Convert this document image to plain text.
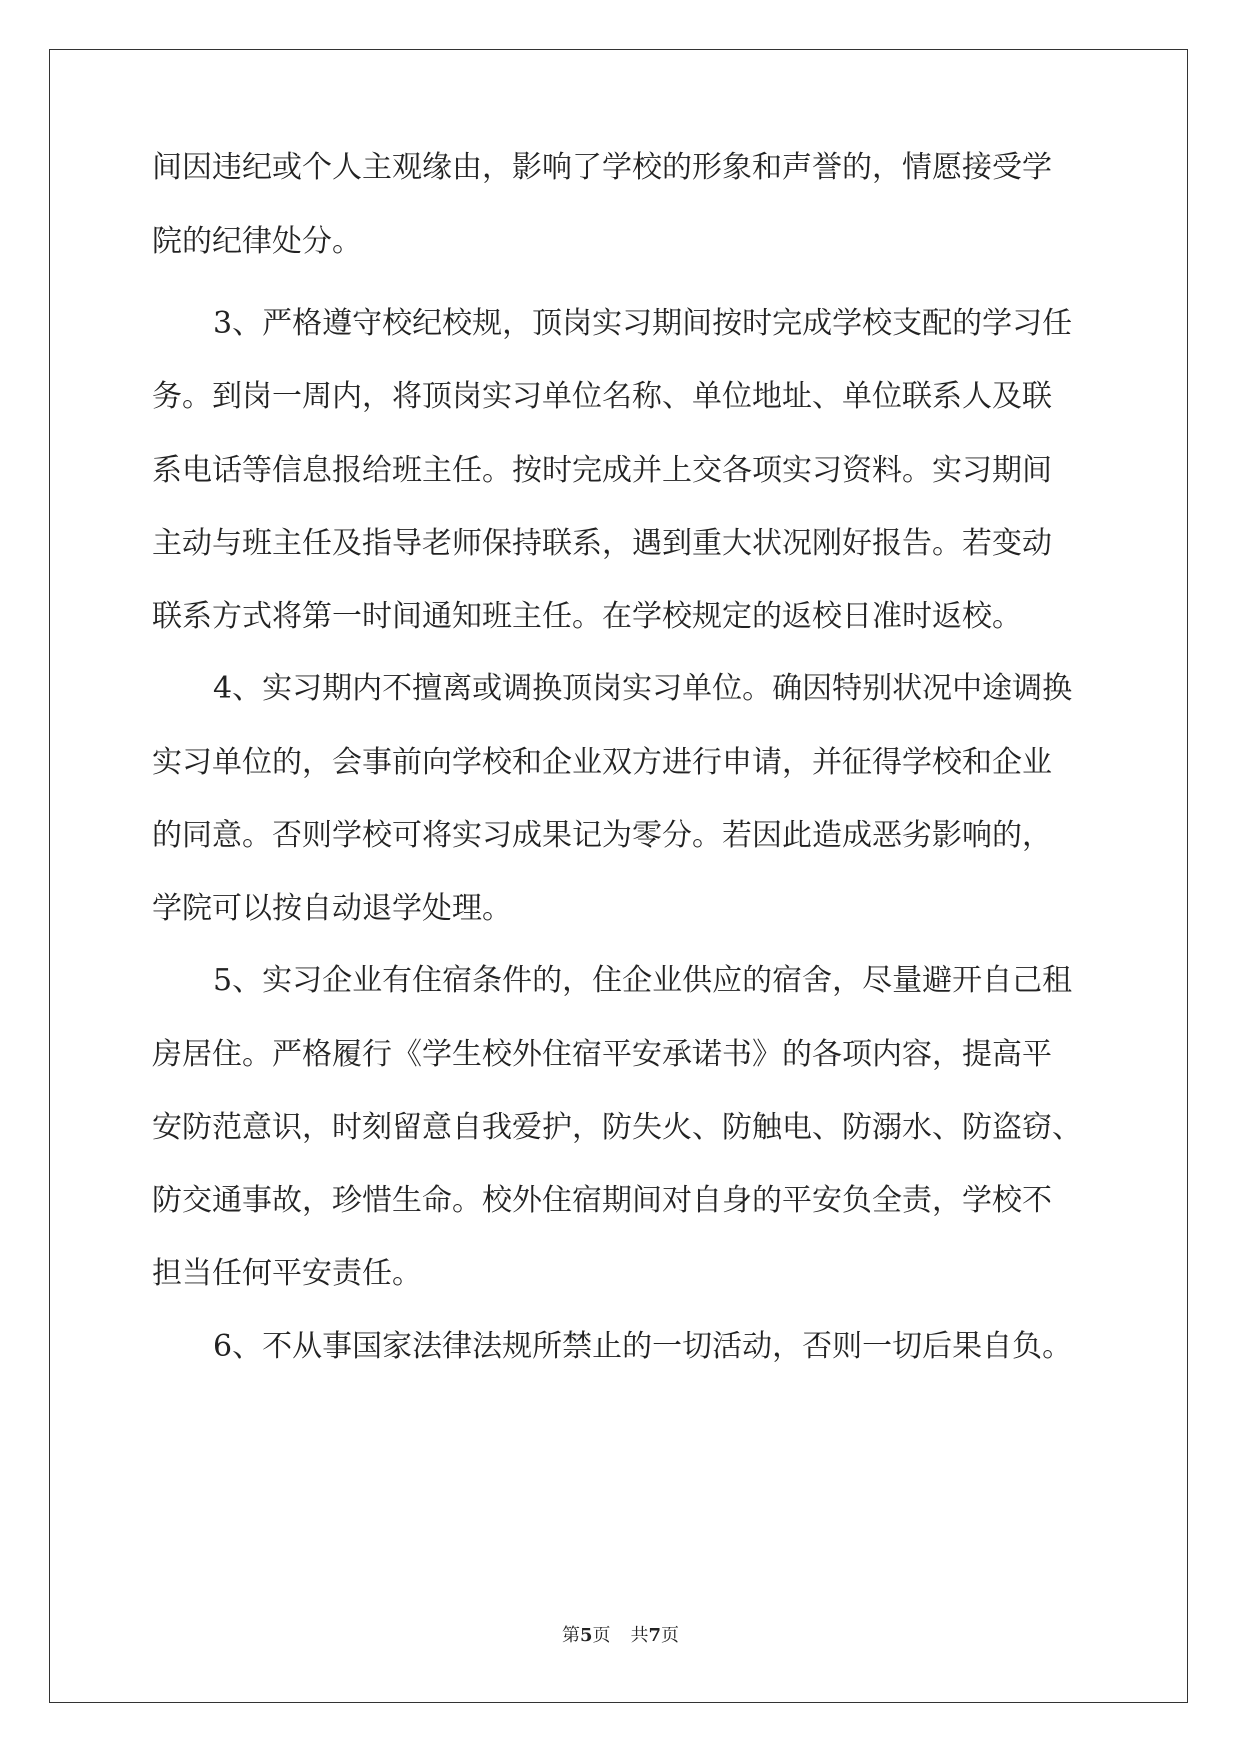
间因违纪或个人主观缘由，影响了学校的形象和声誉的，情愿接受学
院的纪律处分。
3、严格遵守校纪校规，顶岗实习期间按时完成学校支配的学习任
务。到岗一周内，将顶岗实习单位名称、单位地址、单位联系人及联
系电话等信息报给班主任。按时完成并上交各项实习资料。实习期间
主动与班主任及指导老师保持联系，遇到重大状况刚好报告。若变动
联系方式将第一时间通知班主任。在学校规定的返校日准时返校。
4、实习期内不擅离或调换顶岗实习单位。确因特别状况中途调换
实习单位的，会事前向学校和企业双方进行申请，并征得学校和企业
的同意。否则学校可将实习成果记为零分。若因此造成恶劣影响的，
学院可以按自动退学处理。
5、实习企业有住宿条件的，住企业供应的宿舍，尽量避开自己租
房居住。严格履行《学生校外住宿平安承诺书》的各项内容，提高平
安防范意识，时刻留意自我爱护，防失火、防触电、防溺水、防盗窃、
防交通事故，珍惜生命。校外住宿期间对自身的平安负全责，学校不
担当任何平安责任。
6、不从事国家法律法规所禁止的一切活动，否则一切后果自负。
第5页 共7页
